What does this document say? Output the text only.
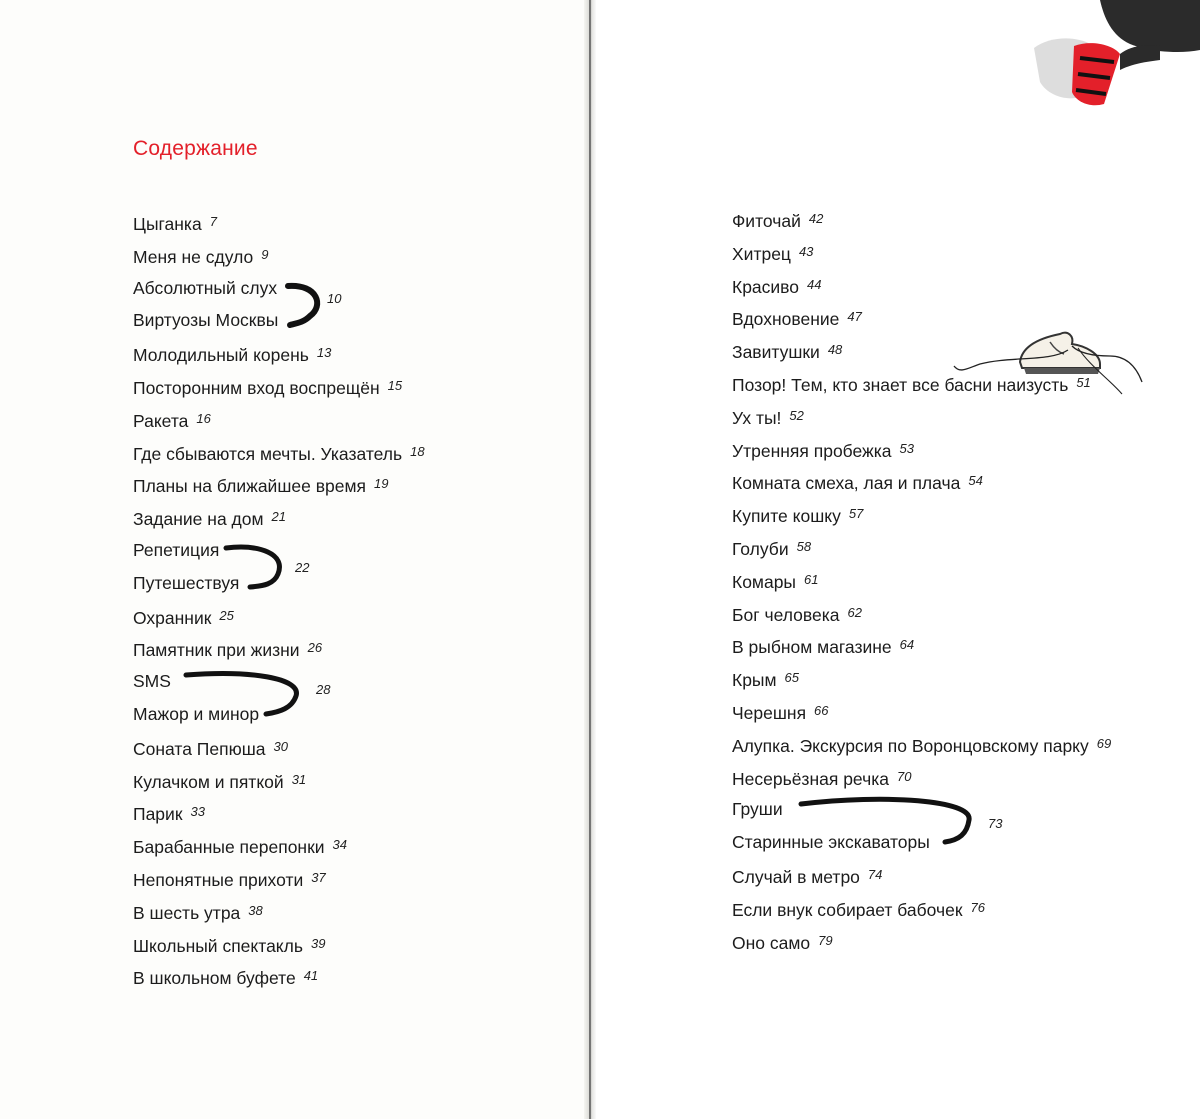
Содержание
Цыганка 7
Меня не сдуло 9
Абсолютный слух
Виртуозы Москвы
Молодильный корень 13
Посторонним вход воспрещён 15
Ракета 16
Где сбываются мечты. Указатель 18
Планы на ближайшее время 19
Задание на дом 21
Репетиция
Путешествуя
Охранник 25
Памятник при жизни 26
SMS
Мажор и минор
Соната Пепюша 30
Кулачком и пяткой 31
Парик 33
Барабанные перепонки 34
Непонятные прихоти 37
В шесть утра 38
Школьный спектакль 39
В школьном буфете 41
Фиточай 42
Хитрец 43
Красиво 44
Вдохновение 47
Завитушки 48
Позор! Тем, кто знает все басни наизусть 51
Ух ты! 52
Утренняя пробежка 53
Комната смеха, лая и плача 54
Купите кошку 57
Голуби 58
Комары 61
Бог человека 62
В рыбном магазине 64
Крым 65
Черешня 66
Алупка. Экскурсия по Воронцовскому парку 69
Несерьёзная речка 70
Груши
Старинные экскаваторы
Случай в метро 74
Если внук собирает бабочек 76
Оно само 79
10
22
28
73
